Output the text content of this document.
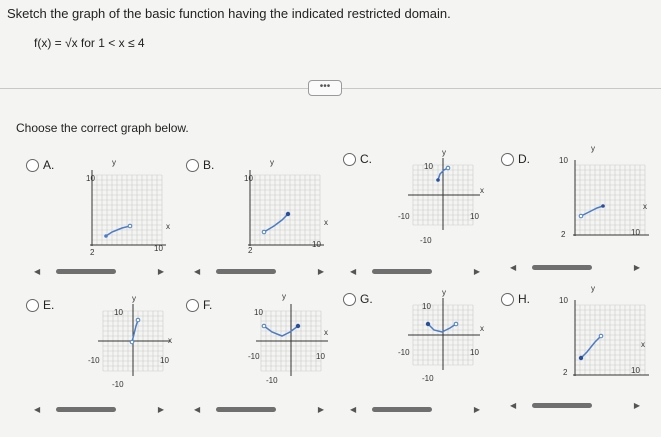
Sketch the graph of the basic function having the indicated restricted domain.
f(x) = √x for 1 < x ≤ 4
•••
Choose the correct graph below.
A.	B.	C.	D.
E.	F.	G.	H.
10
y
x
10
2
10
y
x
10
2
10
y
x
10
-10
-10
10
y
x
10
2
10
y
x
10
-10
-10
10
y
x
10
-10
-10
10
y
x
10
-10
-10
10
y
x
10
2
◀	▶	◀	▶	◀	▶	◀	▶
◀	▶	◀	▶	◀	▶	◀	▶
